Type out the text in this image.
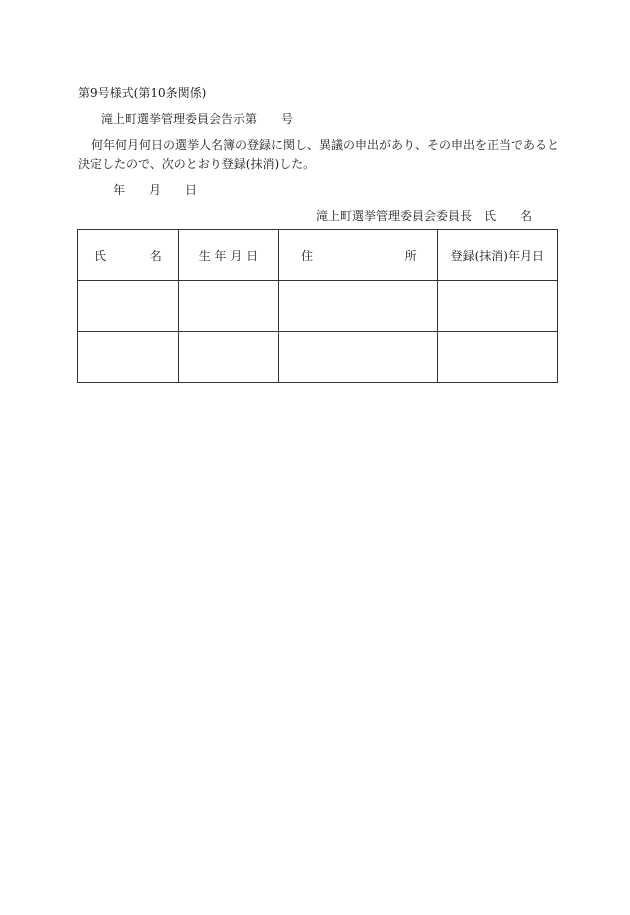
第9号様式(第10条関係)
滝上町選挙管理委員会告示第　　号
何年何月何日の選挙人名簿の登録に関し、異議の申出があり、その申出を正当であると
決定したので、次のとおり登録(抹消)した。
年　　月　　日
滝上町選挙管理委員会委員長　氏　　名
氏 名	生 年 月 日	住 所	登録(抹消)年月日
